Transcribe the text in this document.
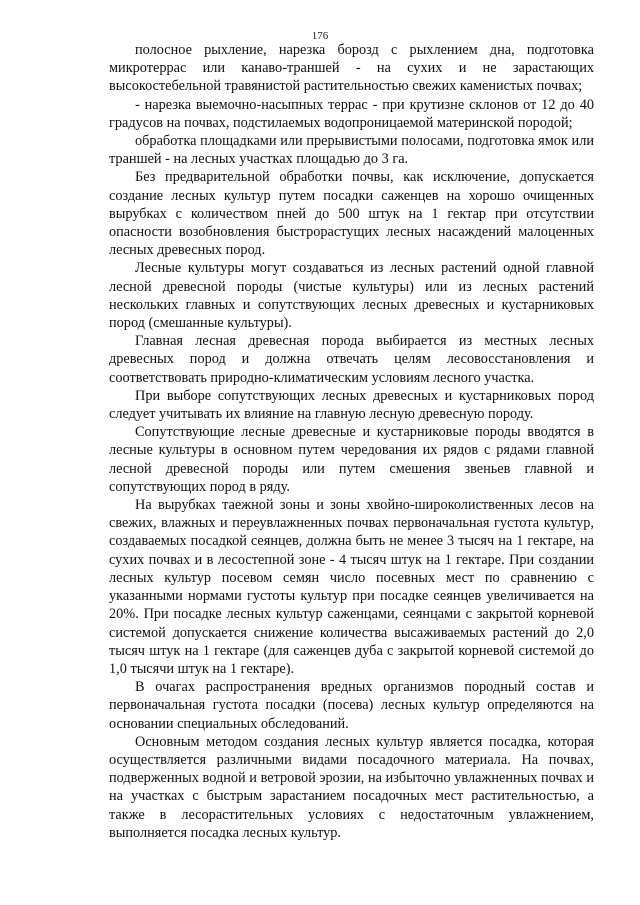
176

полосное рыхление, нарезка борозд с рыхлением дна, подготовка микротеррас или канаво-траншей - на сухих и не зарастающих высокостебельной травянистой растительностью свежих каменистых почвах;

- нарезка выемочно-насыпных террас - при крутизне склонов от 12 до 40 градусов на почвах, подстилаемых водопроницаемой материнской породой;

обработка площадками или прерывистыми полосами, подготовка ямок или траншей - на лесных участках площадью до 3 га.

Без предварительной обработки почвы, как исключение, допускается создание лесных культур путем посадки саженцев на хорошо очищенных вырубках с количеством пней до 500 штук на 1 гектар при отсутствии опасности возобновления быстрорастущих лесных насаждений малоценных лесных древесных пород.

Лесные культуры могут создаваться из лесных растений одной главной лесной древесной породы (чистые культуры) или из лесных растений нескольких главных и сопутствующих лесных древесных и кустарниковых пород (смешанные культуры).

Главная лесная древесная порода выбирается из местных лесных древесных пород и должна отвечать целям лесовосстановления и соответствовать природно-климатическим условиям лесного участка.

При выборе сопутствующих лесных древесных и кустарниковых пород следует учитывать их влияние на главную лесную древесную породу.

Сопутствующие лесные древесные и кустарниковые породы вводятся в лесные культуры в основном путем чередования их рядов с рядами главной лесной древесной породы или путем смешения звеньев главной и сопутствующих пород в ряду.

На вырубках таежной зоны и зоны хвойно-широколиственных лесов на свежих, влажных и переувлажненных почвах первоначальная густота культур, создаваемых посадкой сеянцев, должна быть не менее 3 тысяч на 1 гектаре, на сухих почвах и в лесостепной зоне - 4 тысяч штук на 1 гектаре. При создании лесных культур посевом семян число посевных мест по сравнению с указанными нормами густоты культур при посадке сеянцев увеличивается на 20%. При посадке лесных культур саженцами, сеянцами с закрытой корневой системой допускается снижение количества высаживаемых растений до 2,0 тысяч штук на 1 гектаре (для саженцев дуба с закрытой корневой системой до 1,0 тысячи штук на 1 гектаре).

В очагах распространения вредных организмов породный состав и первоначальная густота посадки (посева) лесных культур определяются на основании специальных обследований.

Основным методом создания лесных культур является посадка, которая осуществляется различными видами посадочного материала. На почвах, подверженных водной и ветровой эрозии, на избыточно увлажненных почвах и на участках с быстрым зарастанием посадочных мест растительностью, а также в лесорастительных условиях с недостаточным увлажнением, выполняется посадка лесных культур.
